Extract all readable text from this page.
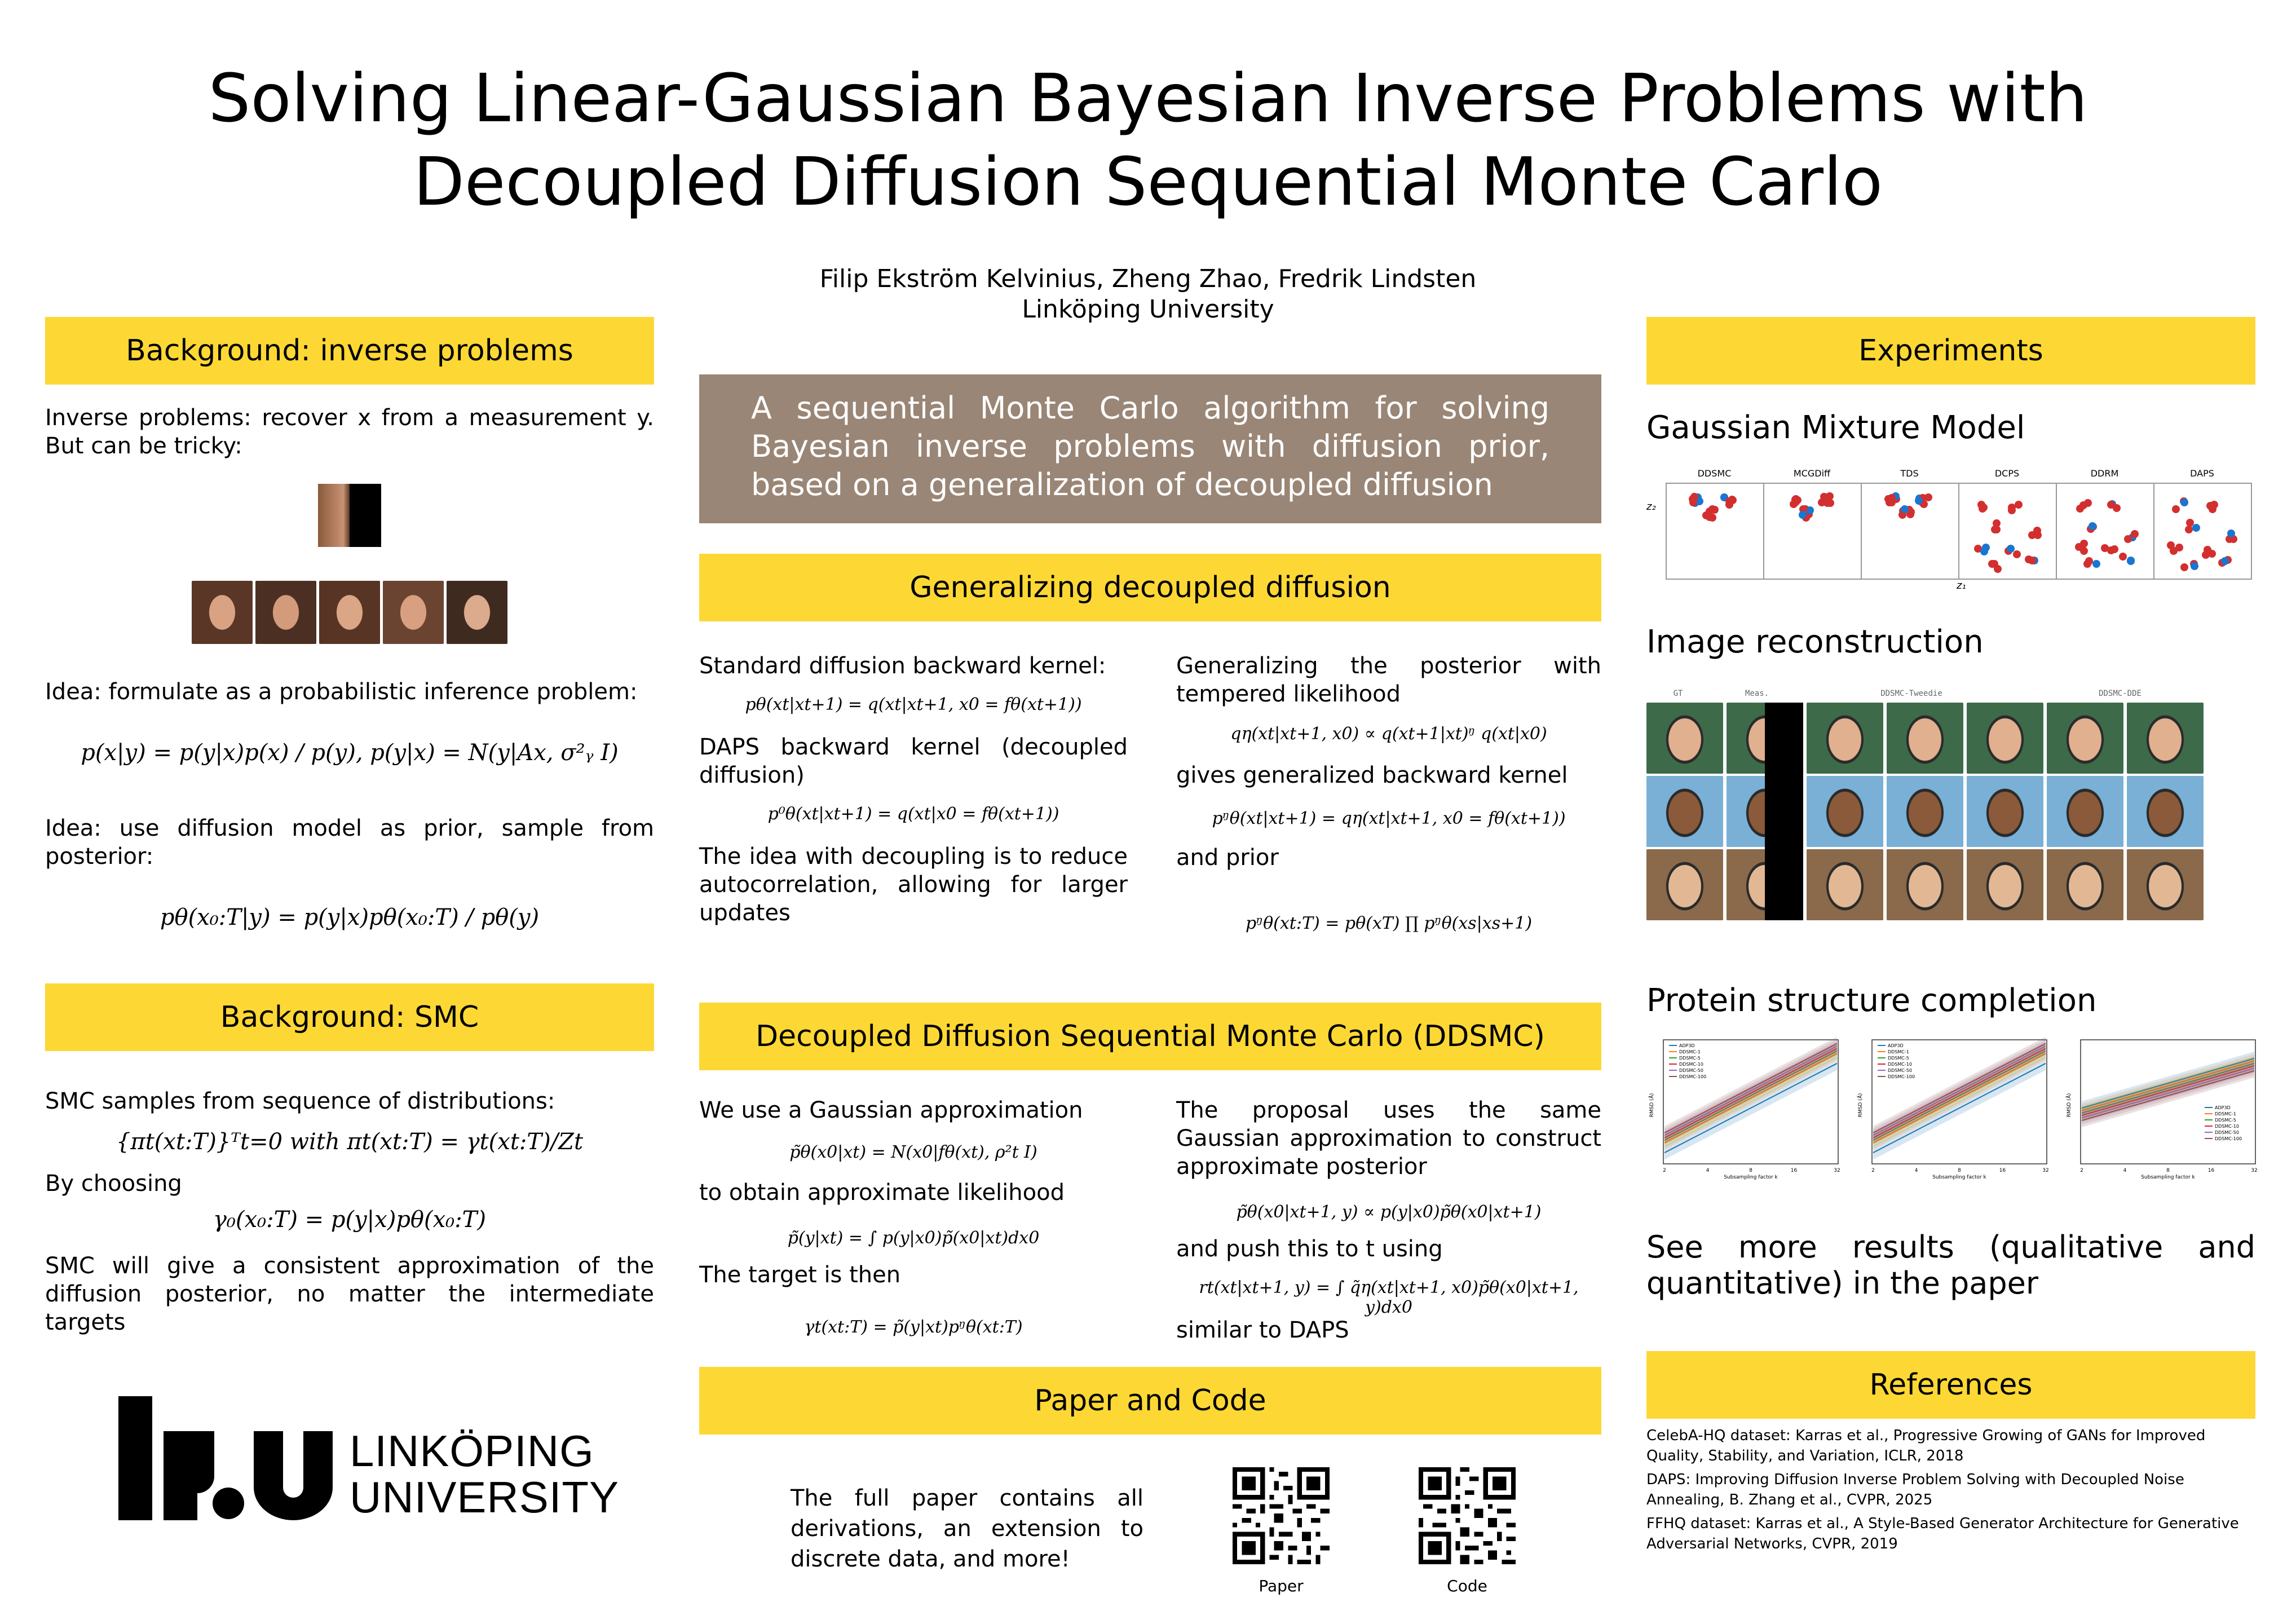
Solving Linear-Gaussian Bayesian Inverse Problems with
Decoupled Diffusion Sequential Monte Carlo
Filip Ekström Kelvinius, Zheng Zhao, Fredrik Lindsten
Linköping University
Background: inverse problems
Inverse problems: recover x from a measurement y. But can be tricky:
Idea: formulate as a probabilistic inference problem:
p(x|y) = p(y|x)p(x) / p(y), p(y|x) = N(y|Ax, σ²ᵧ I)
Idea: use diffusion model as prior, sample from posterior:
pθ(x₀:T|y) = p(y|x)pθ(x₀:T) / pθ(y)
Background: SMC
SMC samples from sequence of distributions:
{πt(xt:T)}ᵀt=0 with πt(xt:T) = γt(xt:T)/Zt
By choosing
γ₀(x₀:T) = p(y|x)pθ(x₀:T)
SMC will give a consistent approximation of the diffusion posterior, no matter the intermediate targets
LINKÖPING
UNIVERSITY
A sequential Monte Carlo algorithm for solving Bayesian inverse problems with diffusion prior, based on a generalization of decoupled diffusion
Generalizing decoupled diffusion
Standard diffusion backward kernel:
pθ(xt|xt+1) = q(xt|xt+1, x0 = fθ(xt+1))
DAPS backward kernel (decoupled diffusion)
p⁰θ(xt|xt+1) = q(xt|x0 = fθ(xt+1))
The idea with decoupling is to reduce autocorrelation, allowing for larger updates
Generalizing the posterior with tempered likelihood
qη(xt|xt+1, x0) ∝ q(xt+1|xt)ᵑ q(xt|x0)
gives generalized backward kernel
pᵑθ(xt|xt+1) = qη(xt|xt+1, x0 = fθ(xt+1))
and prior
pᵑθ(xt:T) = pθ(xT) ∏ pᵑθ(xs|xs+1)
Decoupled Diffusion Sequential Monte Carlo (DDSMC)
We use a Gaussian approximation
p̃θ(x0|xt) = N(x0|fθ(xt), ρ²t I)
to obtain approximate likelihood
p̃(y|xt) = ∫ p(y|x0)p̃(x0|xt)dx0
The target is then
γt(xt:T) = p̃(y|xt)pᵑθ(xt:T)
The proposal uses the same Gaussian approximation to construct approximate posterior
p̃θ(x0|xt+1, y) ∝ p(y|x0)p̃θ(x0|xt+1)
and push this to t using
rt(xt|xt+1, y) = ∫ q̃η(xt|xt+1, x0)p̃θ(x0|xt+1, y)dx0
similar to DAPS
Paper and Code
The full paper contains all derivations, an extension to discrete data, and more!
Paper	Code
Experiments
Gaussian Mixture Model
z₂
z₁
DDSMC	MCGDiff	TDS	DCPS	DDRM	DAPS
Image reconstruction
GT	Meas.	DDSMC-Tweedie	DDSMC-DDE
Protein structure completion
2	4	8	16	32
Subsampling factor k
RMSD (Å)
ADP3D
DDSMC-1
DDSMC-5
DDSMC-10
DDSMC-50
DDSMC-100
2	4	8	16	32
Subsampling factor k
RMSD (Å)
ADP3D
DDSMC-1
DDSMC-5
DDSMC-10
DDSMC-50
DDSMC-100
2	4	8	16	32
Subsampling factor k
RMSD (Å)	ADP3D
DDSMC-1
DDSMC-5
DDSMC-10
DDSMC-50
DDSMC-100
See more results (qualitative and quantitative) in the paper
References
CelebA-HQ dataset: Karras et al., Progressive Growing of GANs for Improved Quality, Stability, and Variation, ICLR, 2018
DAPS: Improving Diffusion Inverse Problem Solving with Decoupled Noise Annealing, B. Zhang et al., CVPR, 2025
FFHQ dataset: Karras et al., A Style-Based Generator Architecture for Generative Adversarial Networks, CVPR, 2019
